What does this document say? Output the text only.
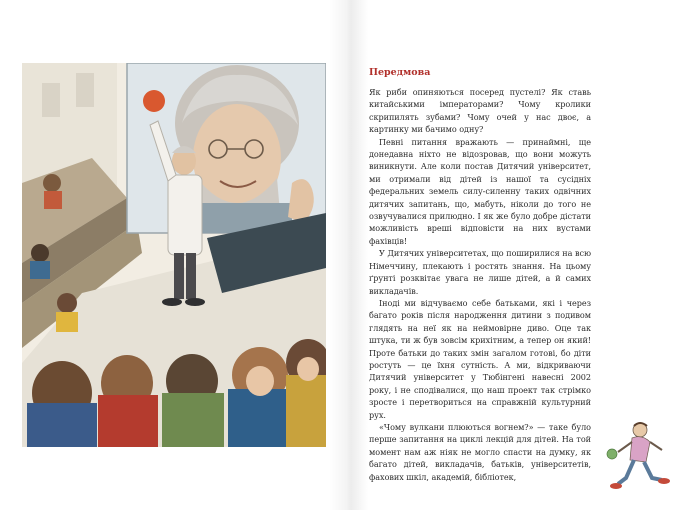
Передмова

Як риби опиняються посеред пустелі? Як ставь китайськими імператорами? Чому кролики скрипилять зубами? Чому очей у нас двоє, а картинку ми бачимо одну?

Певні питання вражають — принаймні, ще донедавна ніхто не відозровав, що вони можуть виникнути. Але коли постав Дитячий університет, ми отримали від дітей із нашої та сусідніх федеральних земель силу-силенну таких одвічних дитячих запитань, що, мабуть, ніколи до того не озвучувалися прилюдно. І як же було добре дістати можливість вреші відповісти на них вустами фахівців!

У Дитячих університетах, що поширилися на всю Німеччину, плекають і ростять знання. На цьому ґрунті розквітає увага не лише дітей, а й самих викладачів.

Іноді ми відчуваємо себе батьками, які і через багато років після народження дитини з подивом глядять на неї як на неймовірне диво. Оце так штука, ти ж був зовсім крихітним, а тепер он який! Проте батьки до таких змін загалом готові, бо діти ростуть — це їхня сутність. А ми, відкриваючи Дитячий університет у Тюбінгені навесні 2002 року, і не сподівалися, що наш проект так стрімко зросте і перетвориться на справжній культурний рух.

«Чому вулкани плюються вогнем?» — таке було перше запитання на циклі лекцій для дітей. На той момент нам аж ніяк не могло спасти на думку, як багато дітей, викладачів, батьків, університетів, фахових шкіл, академій, бібліотек,
